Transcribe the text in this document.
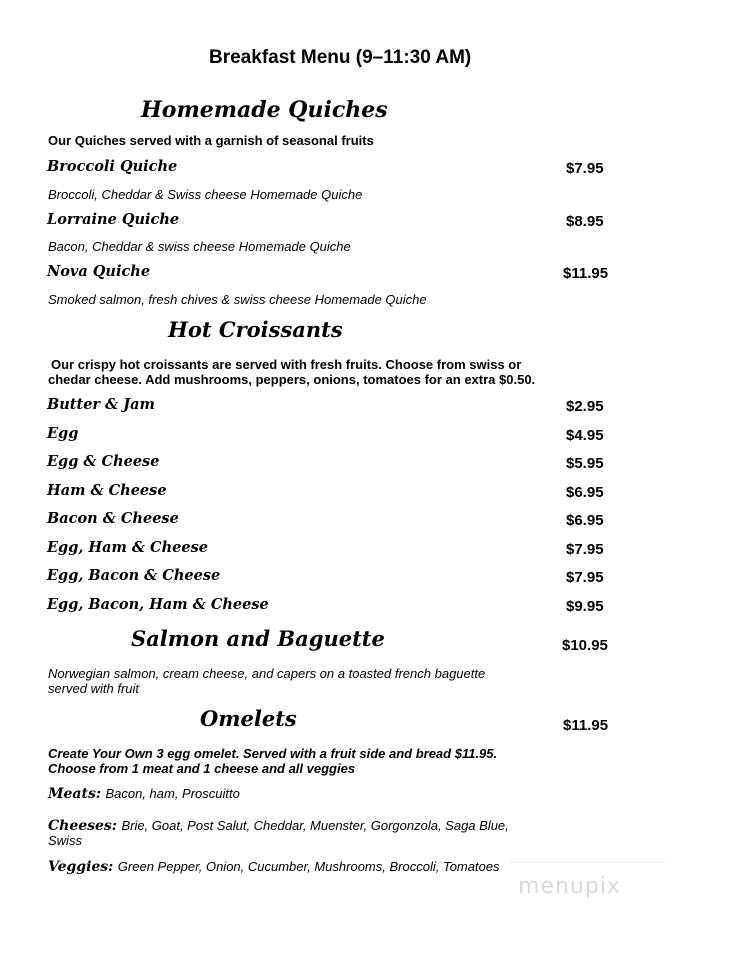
Breakfast Menu (9–11:30 AM)
Homemade Quiches
Our Quiches served with a garnish of seasonal fruits
Broccoli Quiche	$7.95
Broccoli, Cheddar & Swiss cheese Homemade Quiche
Lorraine Quiche	$8.95
Bacon, Cheddar & swiss cheese Homemade Quiche
Nova Quiche	$11.95
Smoked salmon, fresh chives & swiss cheese Homemade Quiche
Hot Croissants
Our crispy hot croissants are served with fresh fruits. Choose from swiss or
chedar cheese. Add mushrooms, peppers, onions, tomatoes for an extra $0.50.
Butter & Jam	$2.95
Egg	$4.95
Egg & Cheese	$5.95
Ham & Cheese	$6.95
Bacon & Cheese	$6.95
Egg, Ham & Cheese	$7.95
Egg, Bacon & Cheese	$7.95
Egg, Bacon, Ham & Cheese	$9.95
Salmon and Baguette	$10.95
Norwegian salmon, cream cheese, and capers on a toasted french baguette
served with fruit
Omelets	$11.95
Create Your Own 3 egg omelet. Served with a fruit side and bread $11.95.
Choose from 1 meat and 1 cheese and all veggies
Meats: Bacon, ham, Proscuitto
Cheeses: Brie, Goat, Post Salut, Cheddar, Muenster, Gorgonzola, Saga Blue,
Swiss
Veggies: Green Pepper, Onion, Cucumber, Mushrooms, Broccoli, Tomatoes
menupix
